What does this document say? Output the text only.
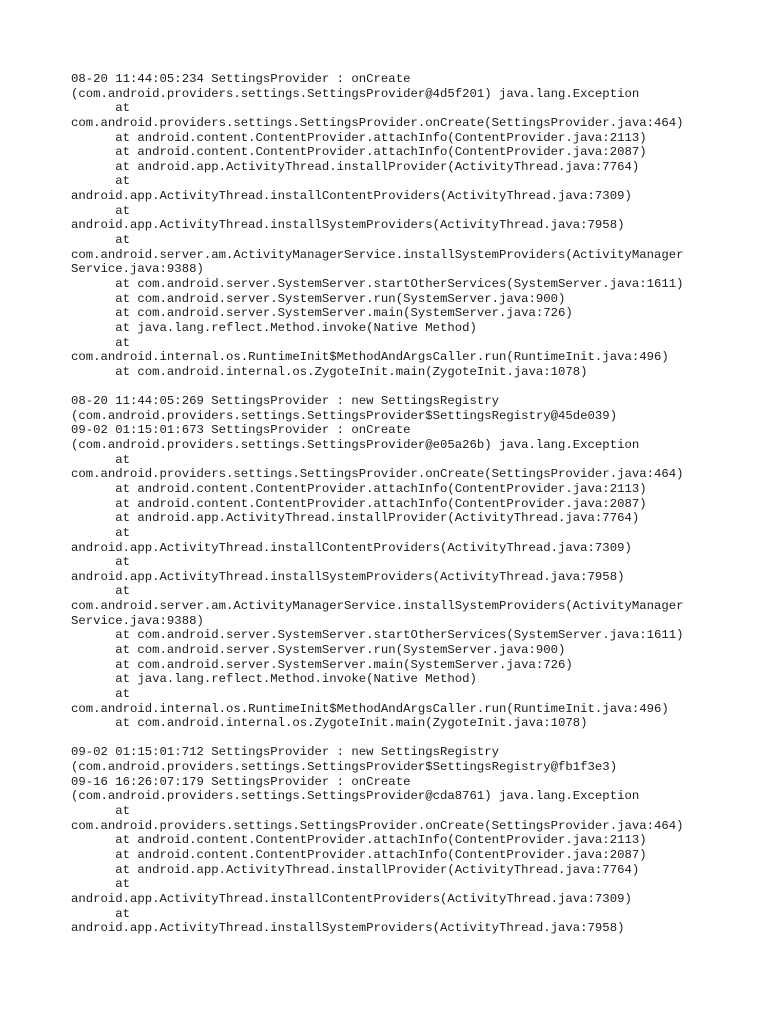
08-20 11:44:05:234 SettingsProvider : onCreate
(com.android.providers.settings.SettingsProvider@4d5f201) java.lang.Exception
at
com.android.providers.settings.SettingsProvider.onCreate(SettingsProvider.java:464)
at android.content.ContentProvider.attachInfo(ContentProvider.java:2113)
at android.content.ContentProvider.attachInfo(ContentProvider.java:2087)
at android.app.ActivityThread.installProvider(ActivityThread.java:7764)
at
android.app.ActivityThread.installContentProviders(ActivityThread.java:7309)
at
android.app.ActivityThread.installSystemProviders(ActivityThread.java:7958)
at
com.android.server.am.ActivityManagerService.installSystemProviders(ActivityManager
Service.java:9388)
at com.android.server.SystemServer.startOtherServices(SystemServer.java:1611)
at com.android.server.SystemServer.run(SystemServer.java:900)
at com.android.server.SystemServer.main(SystemServer.java:726)
at java.lang.reflect.Method.invoke(Native Method)
at
com.android.internal.os.RuntimeInit$MethodAndArgsCaller.run(RuntimeInit.java:496)
at com.android.internal.os.ZygoteInit.main(ZygoteInit.java:1078)
08-20 11:44:05:269 SettingsProvider : new SettingsRegistry
(com.android.providers.settings.SettingsProvider$SettingsRegistry@45de039)
09-02 01:15:01:673 SettingsProvider : onCreate
(com.android.providers.settings.SettingsProvider@e05a26b) java.lang.Exception
at
com.android.providers.settings.SettingsProvider.onCreate(SettingsProvider.java:464)
at android.content.ContentProvider.attachInfo(ContentProvider.java:2113)
at android.content.ContentProvider.attachInfo(ContentProvider.java:2087)
at android.app.ActivityThread.installProvider(ActivityThread.java:7764)
at
android.app.ActivityThread.installContentProviders(ActivityThread.java:7309)
at
android.app.ActivityThread.installSystemProviders(ActivityThread.java:7958)
at
com.android.server.am.ActivityManagerService.installSystemProviders(ActivityManager
Service.java:9388)
at com.android.server.SystemServer.startOtherServices(SystemServer.java:1611)
at com.android.server.SystemServer.run(SystemServer.java:900)
at com.android.server.SystemServer.main(SystemServer.java:726)
at java.lang.reflect.Method.invoke(Native Method)
at
com.android.internal.os.RuntimeInit$MethodAndArgsCaller.run(RuntimeInit.java:496)
at com.android.internal.os.ZygoteInit.main(ZygoteInit.java:1078)
09-02 01:15:01:712 SettingsProvider : new SettingsRegistry
(com.android.providers.settings.SettingsProvider$SettingsRegistry@fb1f3e3)
09-16 16:26:07:179 SettingsProvider : onCreate
(com.android.providers.settings.SettingsProvider@cda8761) java.lang.Exception
at
com.android.providers.settings.SettingsProvider.onCreate(SettingsProvider.java:464)
at android.content.ContentProvider.attachInfo(ContentProvider.java:2113)
at android.content.ContentProvider.attachInfo(ContentProvider.java:2087)
at android.app.ActivityThread.installProvider(ActivityThread.java:7764)
at
android.app.ActivityThread.installContentProviders(ActivityThread.java:7309)
at
android.app.ActivityThread.installSystemProviders(ActivityThread.java:7958)
